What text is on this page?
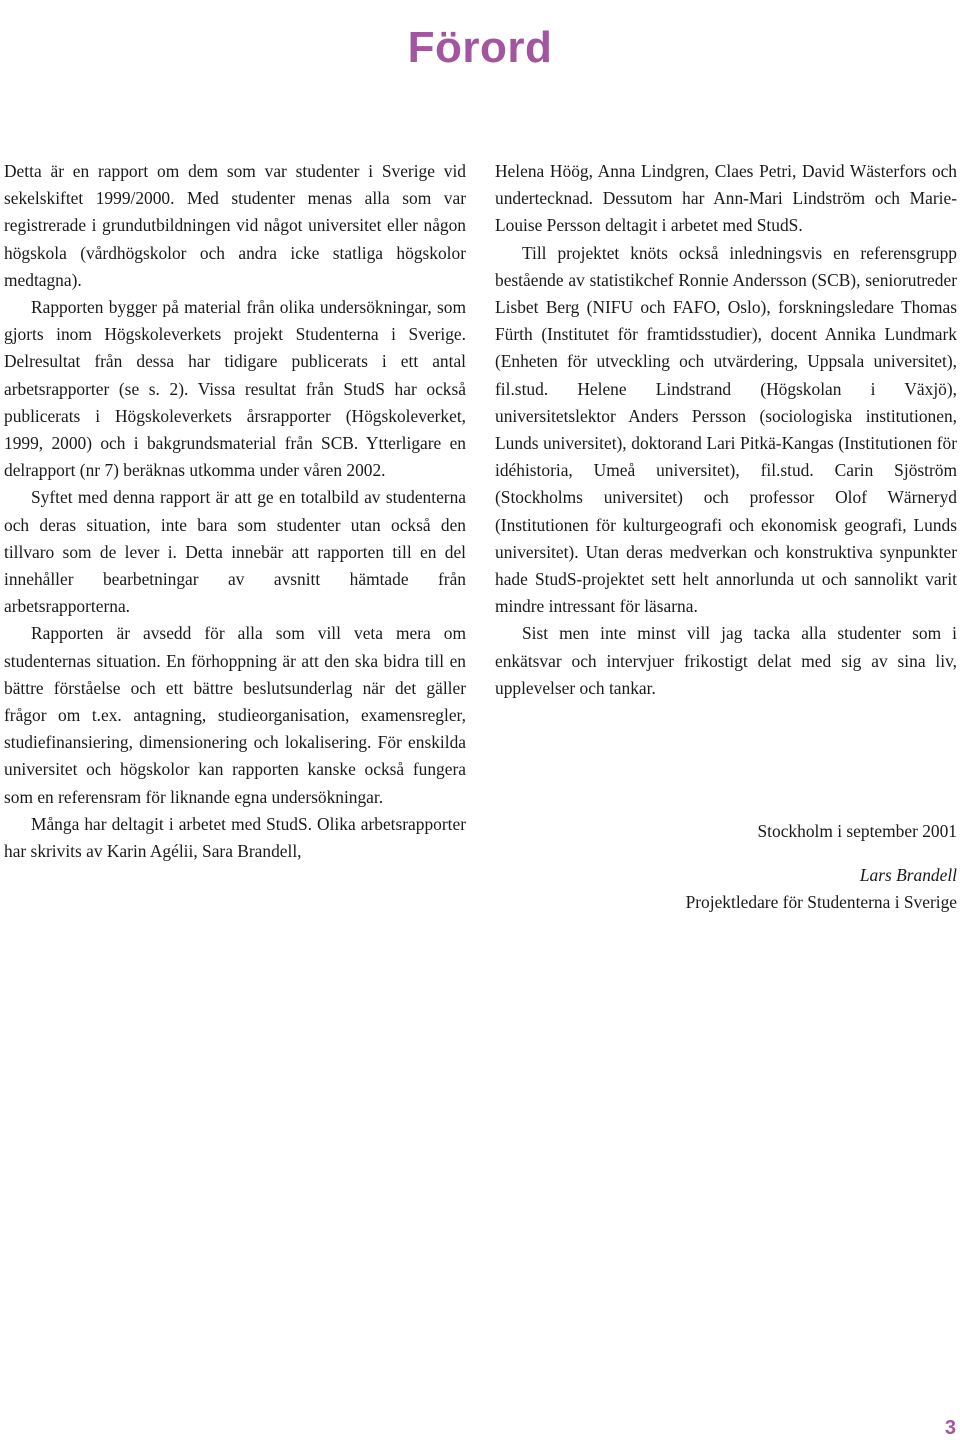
Förord

Detta är en rapport om dem som var studenter i Sverige vid sekelskiftet 1999/2000. Med studenter menas alla som var registrerade i grundutbildningen vid något universitet eller någon högskola (vårdhögskolor och andra icke statliga högskolor medtagna).

Rapporten bygger på material från olika undersökningar, som gjorts inom Högskoleverkets projekt Studenterna i Sverige. Delresultat från dessa har tidigare publicerats i ett antal arbetsrapporter (se s. 2). Vissa resultat från StudS har också publicerats i Högskoleverkets årsrapporter (Högskoleverket, 1999, 2000) och i bakgrundsmaterial från SCB. Ytterligare en delrapport (nr 7) beräknas utkomma under våren 2002.

Syftet med denna rapport är att ge en totalbild av studenterna och deras situation, inte bara som studenter utan också den tillvaro som de lever i. Detta innebär att rapporten till en del innehåller bearbetningar av avsnitt hämtade från arbetsrapporterna.

Rapporten är avsedd för alla som vill veta mera om studenternas situation. En förhoppning är att den ska bidra till en bättre förståelse och ett bättre beslutsunderlag när det gäller frågor om t.ex. antagning, studieorganisation, examensregler, studiefinansiering, dimensionering och lokalisering. För enskilda universitet och högskolor kan rapporten kanske också fungera som en referensram för liknande egna undersökningar.

Många har deltagit i arbetet med StudS. Olika arbetsrapporter har skrivits av Karin Agélii, Sara Brandell,

Helena Höög, Anna Lindgren, Claes Petri, David Wästerfors och undertecknad. Dessutom har Ann-Mari Lindström och Marie-Louise Persson deltagit i arbetet med StudS.

Till projektet knöts också inledningsvis en referensgrupp bestående av statistikchef Ronnie Andersson (SCB), seniorutreder Lisbet Berg (NIFU och FAFO, Oslo), forskningsledare Thomas Fürth (Institutet för framtidsstudier), docent Annika Lundmark (Enheten för utveckling och utvärdering, Uppsala universitet), fil.stud. Helene Lindstrand (Högskolan i Växjö), universitetslektor Anders Persson (sociologiska institutionen, Lunds universitet), doktorand Lari Pitkä-Kangas (Institutionen för idéhistoria, Umeå universitet), fil.stud. Carin Sjöström (Stockholms universitet) och professor Olof Wärneryd (Institutionen för kulturgeografi och ekonomisk geografi, Lunds universitet). Utan deras medverkan och konstruktiva synpunkter hade StudS-projektet sett helt annorlunda ut och sannolikt varit mindre intressant för läsarna.

Sist men inte minst vill jag tacka alla studenter som i enkätsvar och intervjuer frikostigt delat med sig av sina liv, upplevelser och tankar.

Stockholm i september 2001
Lars Brandell
Projektledare för Studenterna i Sverige
3
